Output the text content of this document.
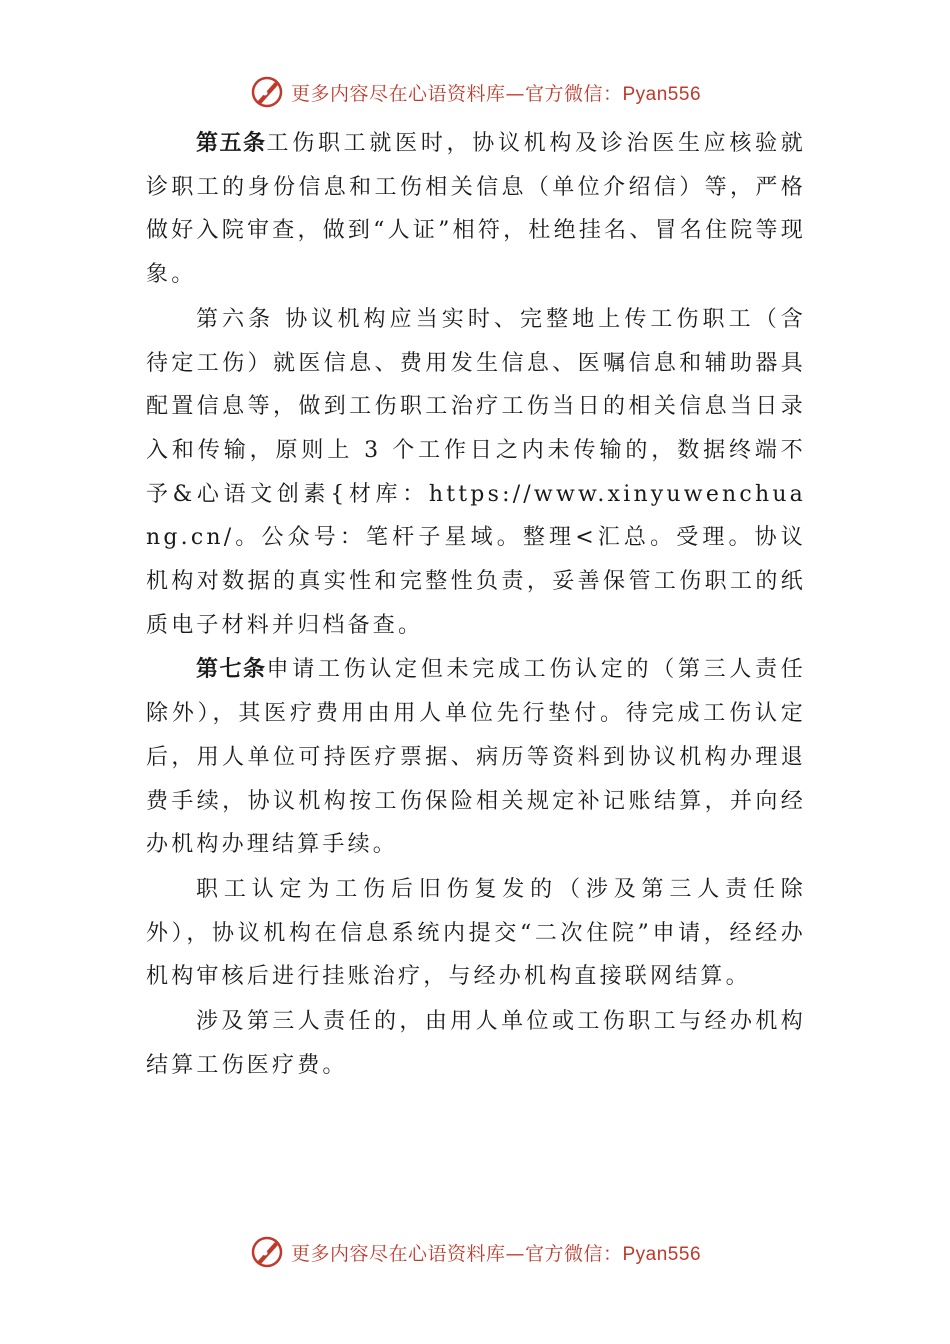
更多内容尽在心语资料库—官方微信：Pyan556

第五条工伤职工就医时，协议机构及诊治医生应核验就诊职工的身份信息和工伤相关信息（单位介绍信）等，严格做好入院审查，做到“人证”相符，杜绝挂名、冒名住院等现象。

第六条 协议机构应当实时、完整地上传工伤职工（含待定工伤）就医信息、费用发生信息、医嘱信息和辅助器具配置信息等，做到工伤职工治疗工伤当日的相关信息当日录入和传输，原则上 3 个工作日之内未传输的，数据终端不予&心语文创素{材库：https://www.xinyuwenchuang.cn/。公众号：笔杆子星域。整理<汇总。受理。协议机构对数据的真实性和完整性负责，妥善保管工伤职工的纸质电子材料并归档备查。

第七条申请工伤认定但未完成工伤认定的（第三人责任除外），其医疗费用由用人单位先行垫付。待完成工伤认定后，用人单位可持医疗票据、病历等资料到协议机构办理退费手续，协议机构按工伤保险相关规定补记账结算，并向经办机构办理结算手续。

职工认定为工伤后旧伤复发的（涉及第三人责任除外），协议机构在信息系统内提交“二次住院”申请，经经办机构审核后进行挂账治疗，与经办机构直接联网结算。

涉及第三人责任的，由用人单位或工伤职工与经办机构结算工伤医疗费。

更多内容尽在心语资料库—官方微信：Pyan556
